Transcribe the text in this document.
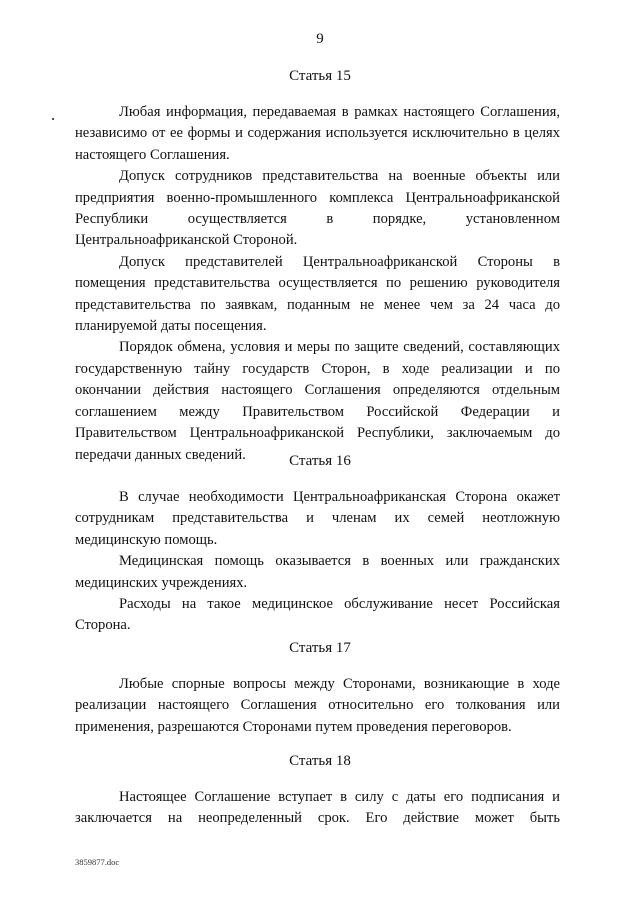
9
Статья 15

Любая информация, передаваемая в рамках настоящего Соглашения, независимо от ее формы и содержания используется исключительно в целях настоящего Соглашения.

Допуск сотрудников представительства на военные объекты или предприятия военно-промышленного комплекса Центральноафриканской Республики осуществляется в порядке, установленном Центральноафриканской Стороной.

Допуск представителей Центральноафриканской Стороны в помещения представительства осуществляется по решению руководителя представительства по заявкам, поданным не менее чем за 24 часа до планируемой даты посещения.

Порядок обмена, условия и меры по защите сведений, составляющих государственную тайну государств Сторон, в ходе реализации и по окончании действия настоящего Соглашения определяются отдельным соглашением между Правительством Российской Федерации и Правительством Центральноафриканской Республики, заключаемым до передачи данных сведений.	Статья 16

В случае необходимости Центральноафриканская Сторона окажет сотрудникам представительства и членам их семей неотложную медицинскую помощь.

Медицинская помощь оказывается в военных или гражданских медицинских учреждениях.

Расходы на такое медицинское обслуживание несет Российская Сторона.

Статья 17

Любые спорные вопросы между Сторонами, возникающие в ходе реализации настоящего Соглашения относительно его толкования или применения, разрешаются Сторонами путем проведения переговоров.

Статья 18

Настоящее Соглашение вступает в силу с даты его подписания и заключается на неопределенный срок. Его действие может быть

3859877.doc
